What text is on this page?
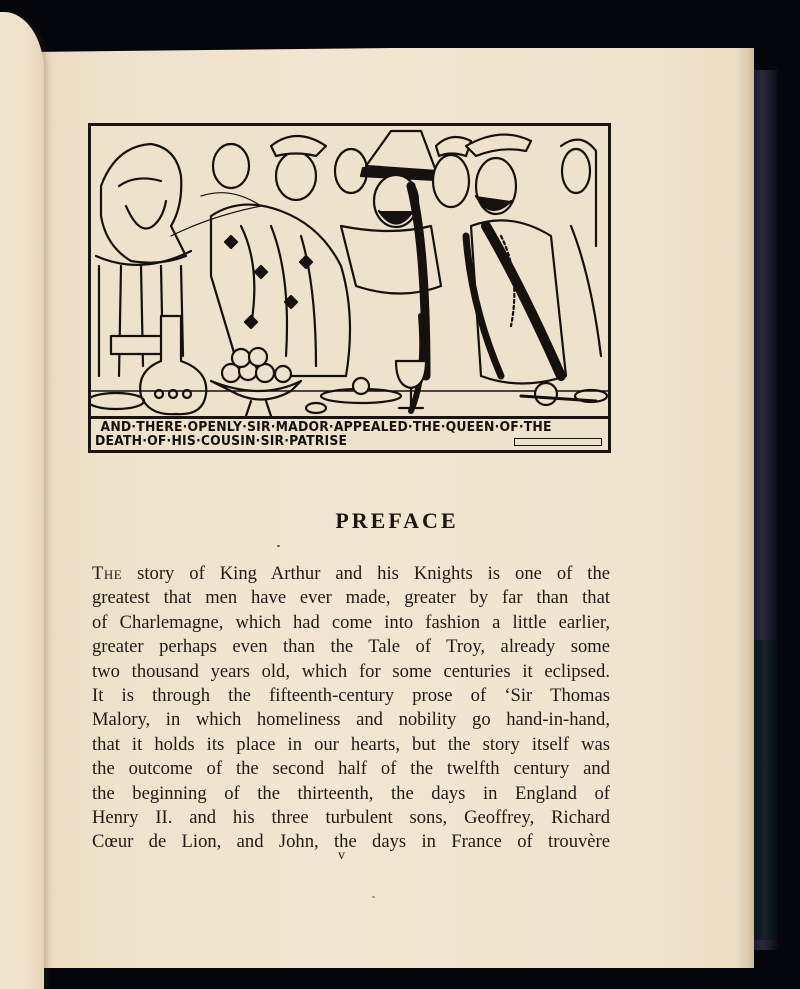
AND·THERE·OPENLY·SIR·MADOR·APPEALED·THE·QUEEN·OF·THE
DEATH·OF·HIS·COUSIN·SIR·PATRISE
PREFACE
The story of King Arthur and his Knights is one of the
greatest that men have ever made, greater by far than that
of Charlemagne, which had come into fashion a little earlier,
greater perhaps even than the Tale of Troy, already some
two thousand years old, which for some centuries it eclipsed.
It is through the fifteenth-century prose of ‘Sir Thomas
Malory, in which homeliness and nobility go hand-in-hand,
that it holds its place in our hearts, but the story itself was
the outcome of the second half of the twelfth century and
the beginning of the thirteenth, the days in England of
Henry II. and his three turbulent sons, Geoffrey, Richard
Cœur de Lion, and John, the days in France of trouvère
v
